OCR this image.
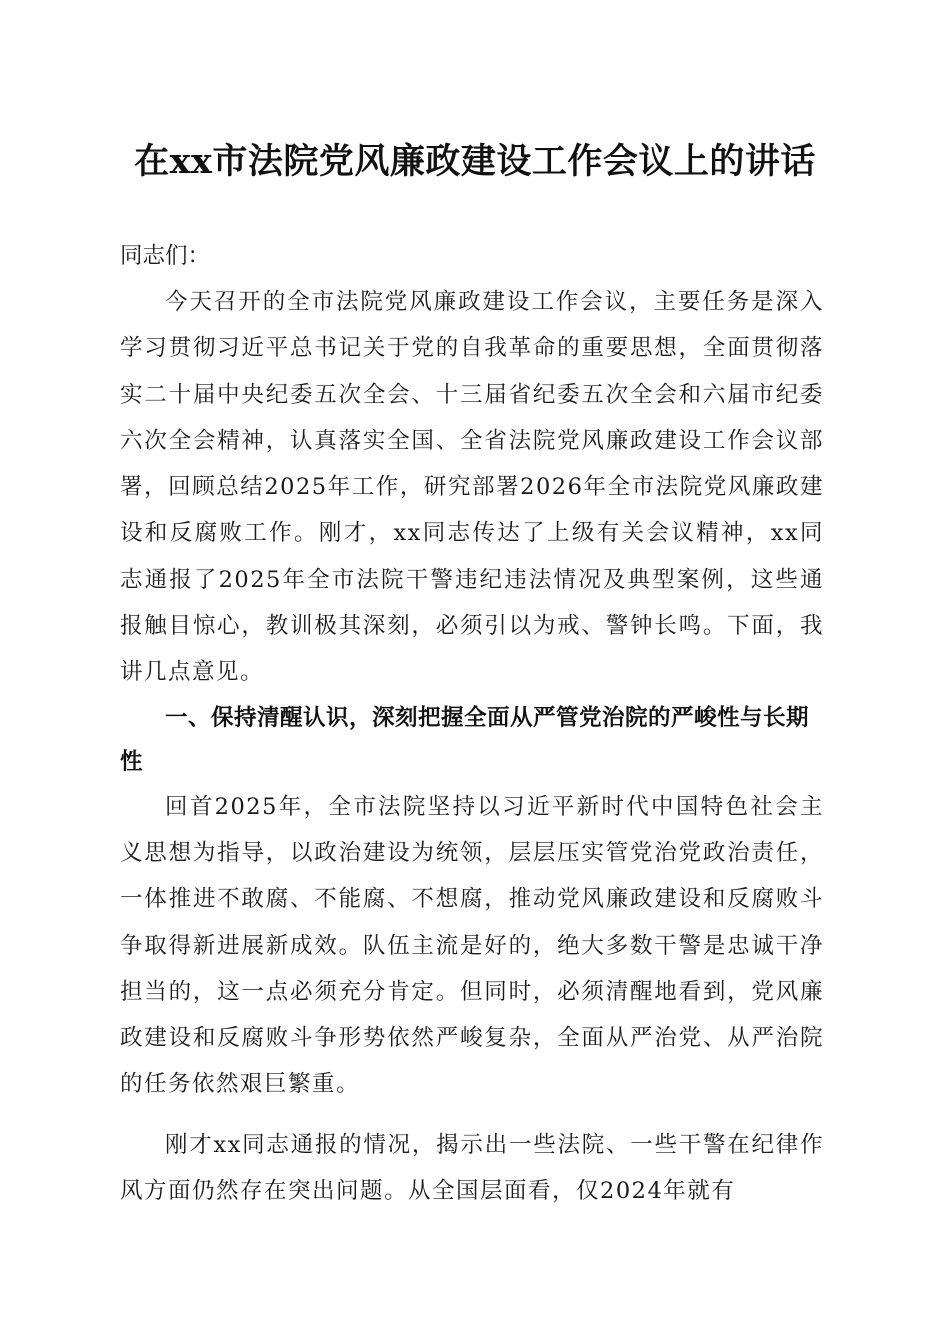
在xx市法院党风廉政建设工作会议上的讲话

同志们：

今天召开的全市法院党风廉政建设工作会议，主要任务是深入学习贯彻习近平总书记关于党的自我革命的重要思想，全面贯彻落实二十届中央纪委五次全会、十三届省纪委五次全会和六届市纪委六次全会精神，认真落实全国、全省法院党风廉政建设工作会议部署，回顾总结2025年工作，研究部署2026年全市法院党风廉政建设和反腐败工作。刚才，xx同志传达了上级有关会议精神，xx同志通报了2025年全市法院干警违纪违法情况及典型案例，这些通报触目惊心，教训极其深刻，必须引以为戒、警钟长鸣。下面，我讲几点意见。

一、保持清醒认识，深刻把握全面从严管党治院的严峻性与长期性

回首2025年，全市法院坚持以习近平新时代中国特色社会主义思想为指导，以政治建设为统领，层层压实管党治党政治责任，一体推进不敢腐、不能腐、不想腐，推动党风廉政建设和反腐败斗争取得新进展新成效。队伍主流是好的，绝大多数干警是忠诚干净担当的，这一点必须充分肯定。但同时，必须清醒地看到，党风廉政建设和反腐败斗争形势依然严峻复杂，全面从严治党、从严治院的任务依然艰巨繁重。

刚才xx同志通报的情况，揭示出一些法院、一些干警在纪律作风方面仍然存在突出问题。从全国层面看，仅2024年就有
